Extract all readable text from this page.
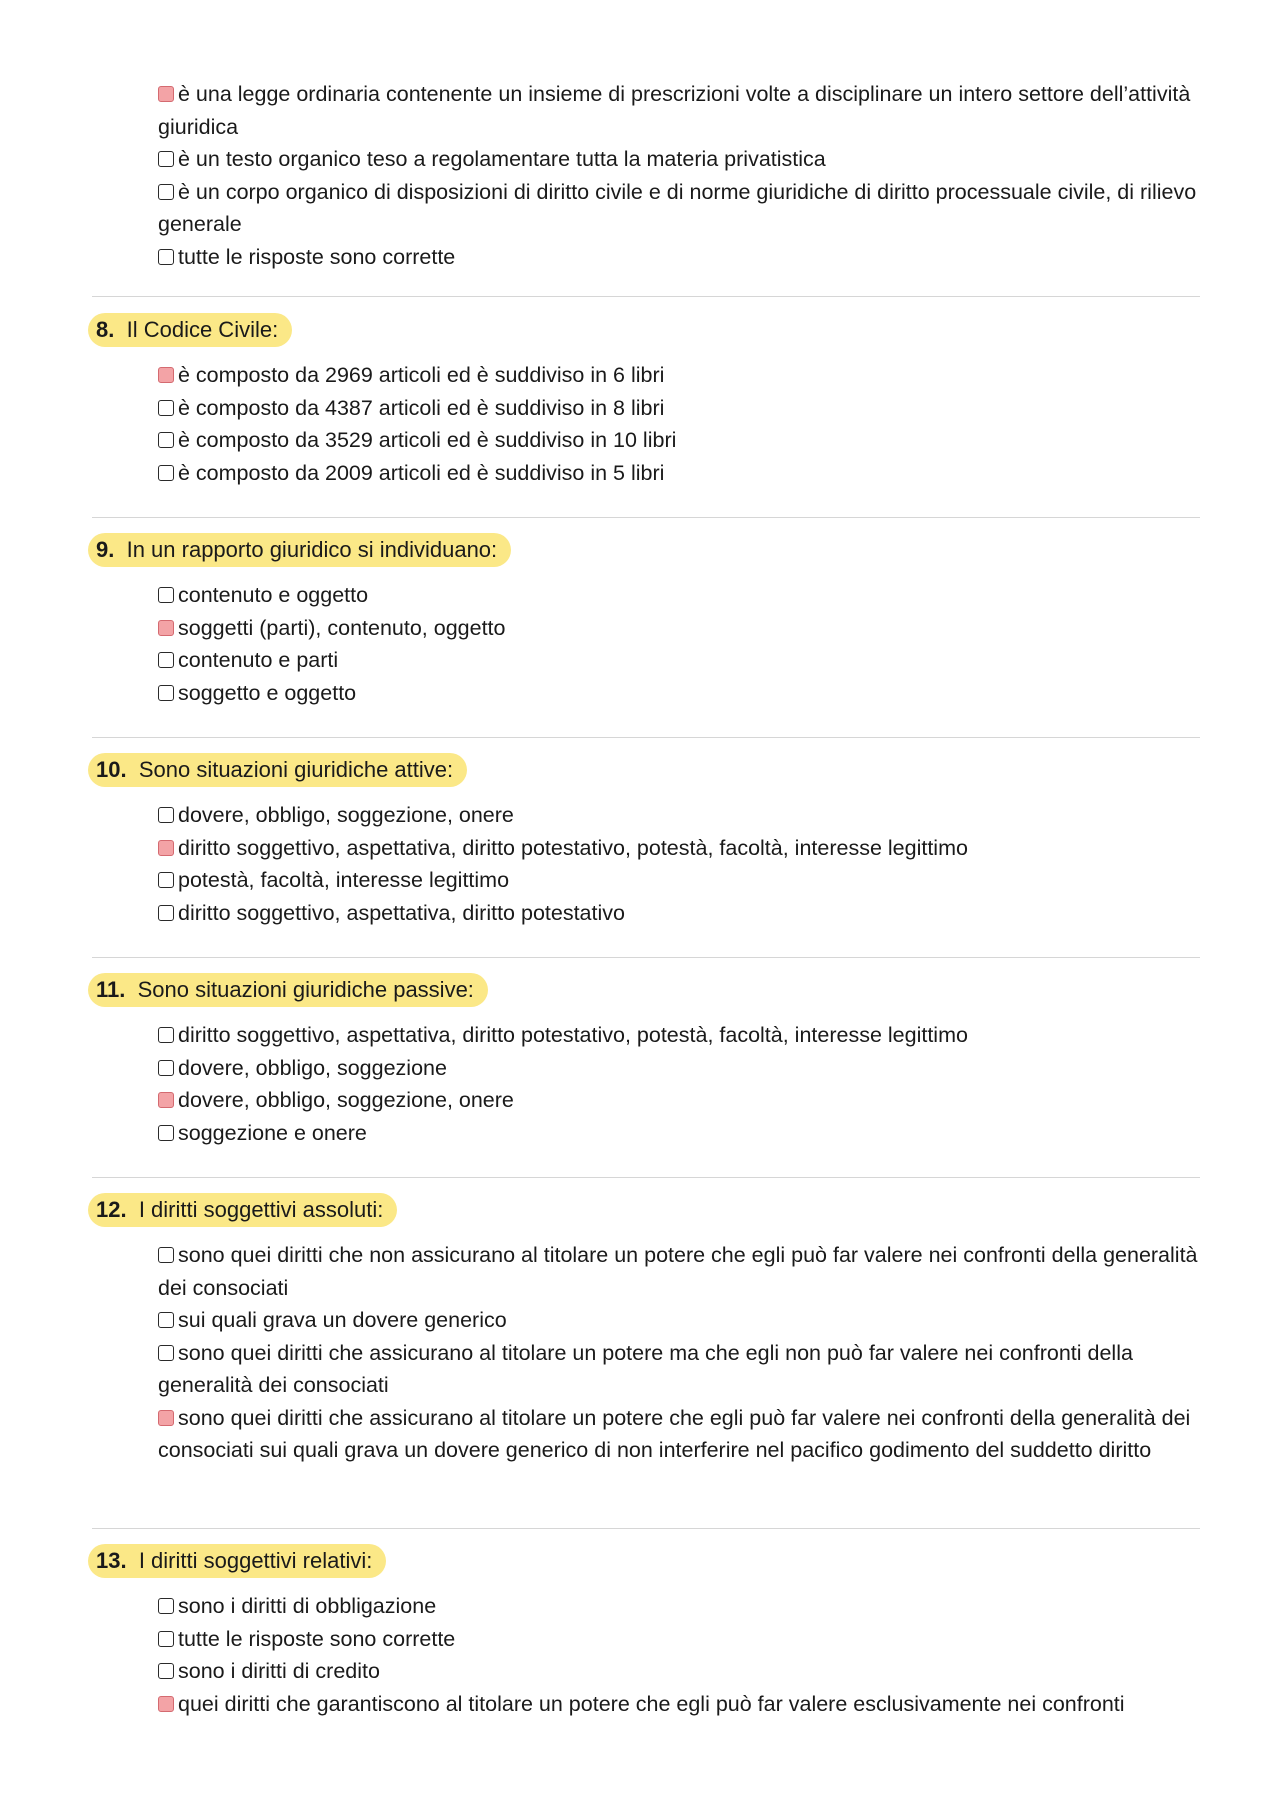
è una legge ordinaria contenente un insieme di prescrizioni volte a disciplinare un intero settore dell’attività giuridica
è un testo organico teso a regolamentare tutta la materia privatistica
è un corpo organico di disposizioni di diritto civile e di norme giuridiche di diritto processuale civile, di rilievo generale
tutte le risposte sono corrette
8. Il Codice Civile:
è composto da 2969 articoli ed è suddiviso in 6 libri
è composto da 4387 articoli ed è suddiviso in 8 libri
è composto da 3529 articoli ed è suddiviso in 10 libri
è composto da 2009 articoli ed è suddiviso in 5 libri
9. In un rapporto giuridico si individuano:
contenuto e oggetto
soggetti (parti), contenuto, oggetto
contenuto e parti
soggetto e oggetto
10. Sono situazioni giuridiche attive:
dovere, obbligo, soggezione, onere
diritto soggettivo, aspettativa, diritto potestativo, potestà, facoltà, interesse legittimo
potestà, facoltà, interesse legittimo
diritto soggettivo, aspettativa, diritto potestativo
11. Sono situazioni giuridiche passive:
diritto soggettivo, aspettativa, diritto potestativo, potestà, facoltà, interesse legittimo
dovere, obbligo, soggezione
dovere, obbligo, soggezione, onere
soggezione e onere
12. I diritti soggettivi assoluti:
sono quei diritti che non assicurano al titolare un potere che egli può far valere nei confronti della generalità dei consociati
sui quali grava un dovere generico
sono quei diritti che assicurano al titolare un potere ma che egli non può far valere nei confronti della generalità dei consociati
sono quei diritti che assicurano al titolare un potere che egli può far valere nei confronti della generalità dei consociati sui quali grava un dovere generico di non interferire nel pacifico godimento del suddetto diritto
13. I diritti soggettivi relativi:
sono i diritti di obbligazione
tutte le risposte sono corrette
sono i diritti di credito
quei diritti che garantiscono al titolare un potere che egli può far valere esclusivamente nei confronti
